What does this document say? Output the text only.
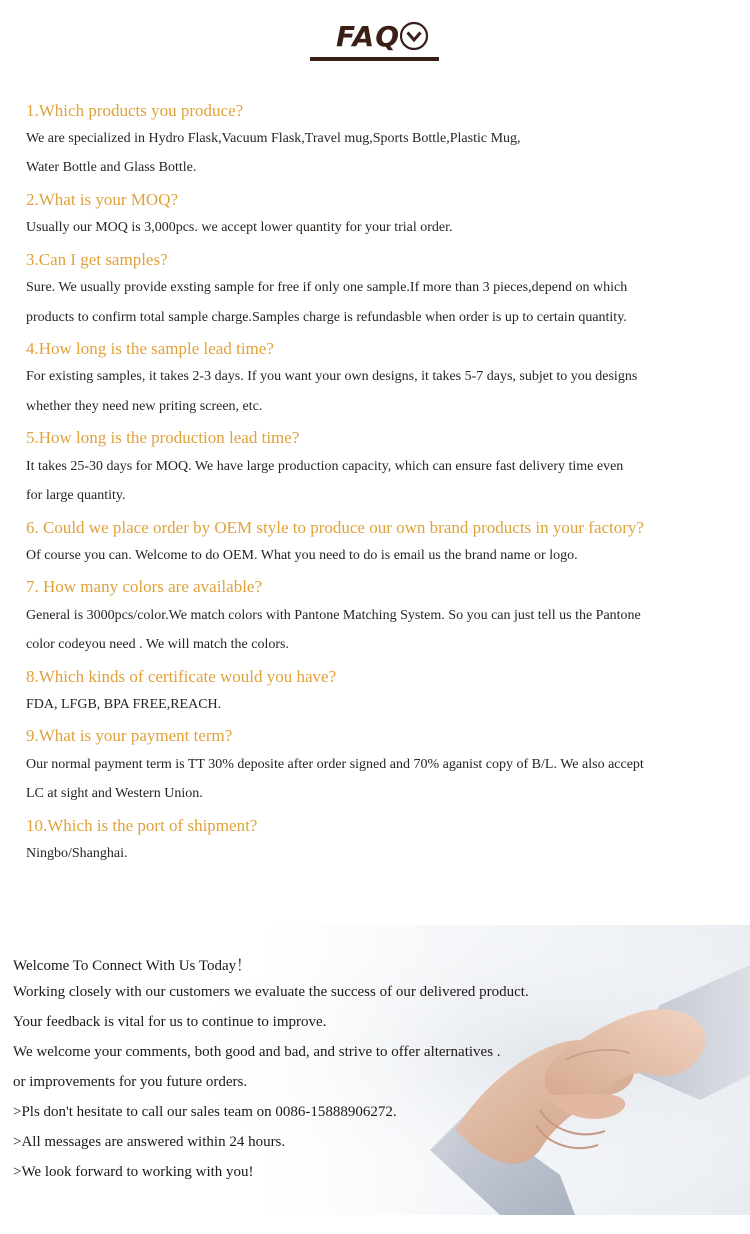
FAQ
1.Which products you produce?
We are specialized in Hydro Flask,Vacuum Flask,Travel mug,Sports Bottle,Plastic Mug,
Water Bottle and Glass Bottle.
2.What is your MOQ?
Usually our MOQ is 3,000pcs. we accept lower quantity for your trial order.
3.Can I get samples?
Sure. We usually provide exsting sample for free if only one sample.If more than 3 pieces,depend on which
products to confirm total sample charge.Samples charge is refundasble when order is up to certain quantity.
4.How long is the sample lead time?
For existing samples, it takes 2-3 days. If you want your own designs, it takes 5-7 days, subjet to you designs
whether they need new priting screen, etc.
5.How long is the production lead time?
It takes 25-30 days for MOQ. We have large production capacity, which can ensure fast delivery time even
for large quantity.
6. Could we place order by OEM style to produce our own brand products in your factory?
Of course you can. Welcome to do OEM. What you need to do is email us the brand name or logo.
7. How many colors are available?
General is 3000pcs/color.We match colors with Pantone Matching System. So you can just tell us the Pantone
color codeyou need . We will match the colors.
8.Which kinds of certificate would you have?
FDA, LFGB, BPA FREE,REACH.
9.What is your payment term?
Our normal payment term is TT 30% deposite after order signed and 70% aganist copy of B/L. We also accept
LC at sight and Western Union.
10.Which is the port of shipment?
Ningbo/Shanghai.
Welcome To Connect With Us Today！
Working closely with our customers we evaluate the success of our delivered product.
Your feedback is vital for us to continue to improve.
We welcome your comments, both good and bad, and strive to offer alternatives .
or improvements for you future orders.
>Pls don't hesitate to call our sales team on 0086-15888906272.
>All messages are answered within 24 hours.
>We look forward to working with you!
